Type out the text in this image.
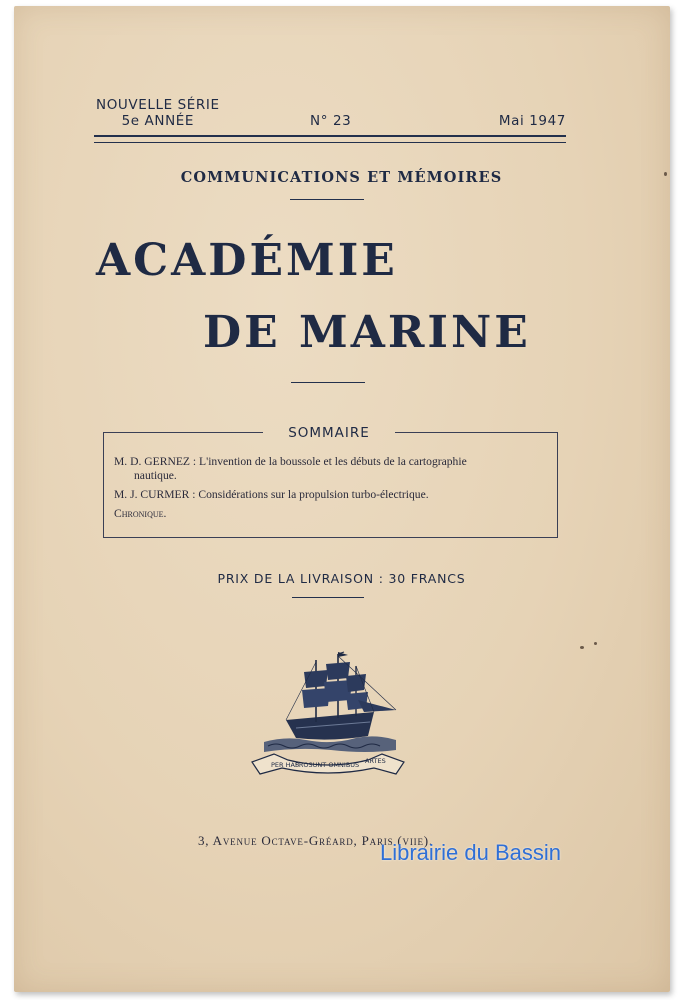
NOUVELLE SÉRIE
5e ANNÉE	N° 23	Mai 1947
COMMUNICATIONS ET MÉMOIRES
ACADÉMIE
DE MARINE
SOMMAIRE

M. D. GERNEZ : L'invention de la boussole et les débuts de la cartographie
nautique.

M. J. CURMER : Considérations sur la propulsion turbo-électrique.

Chronique.

PRIX DE LA LIVRAISON : 30 FRANCS
PER HAS
PROSUNT OMNIBUS ARTES
3, Avenue Octave-Gréard, Paris (viie).
Librairie du Bassin
